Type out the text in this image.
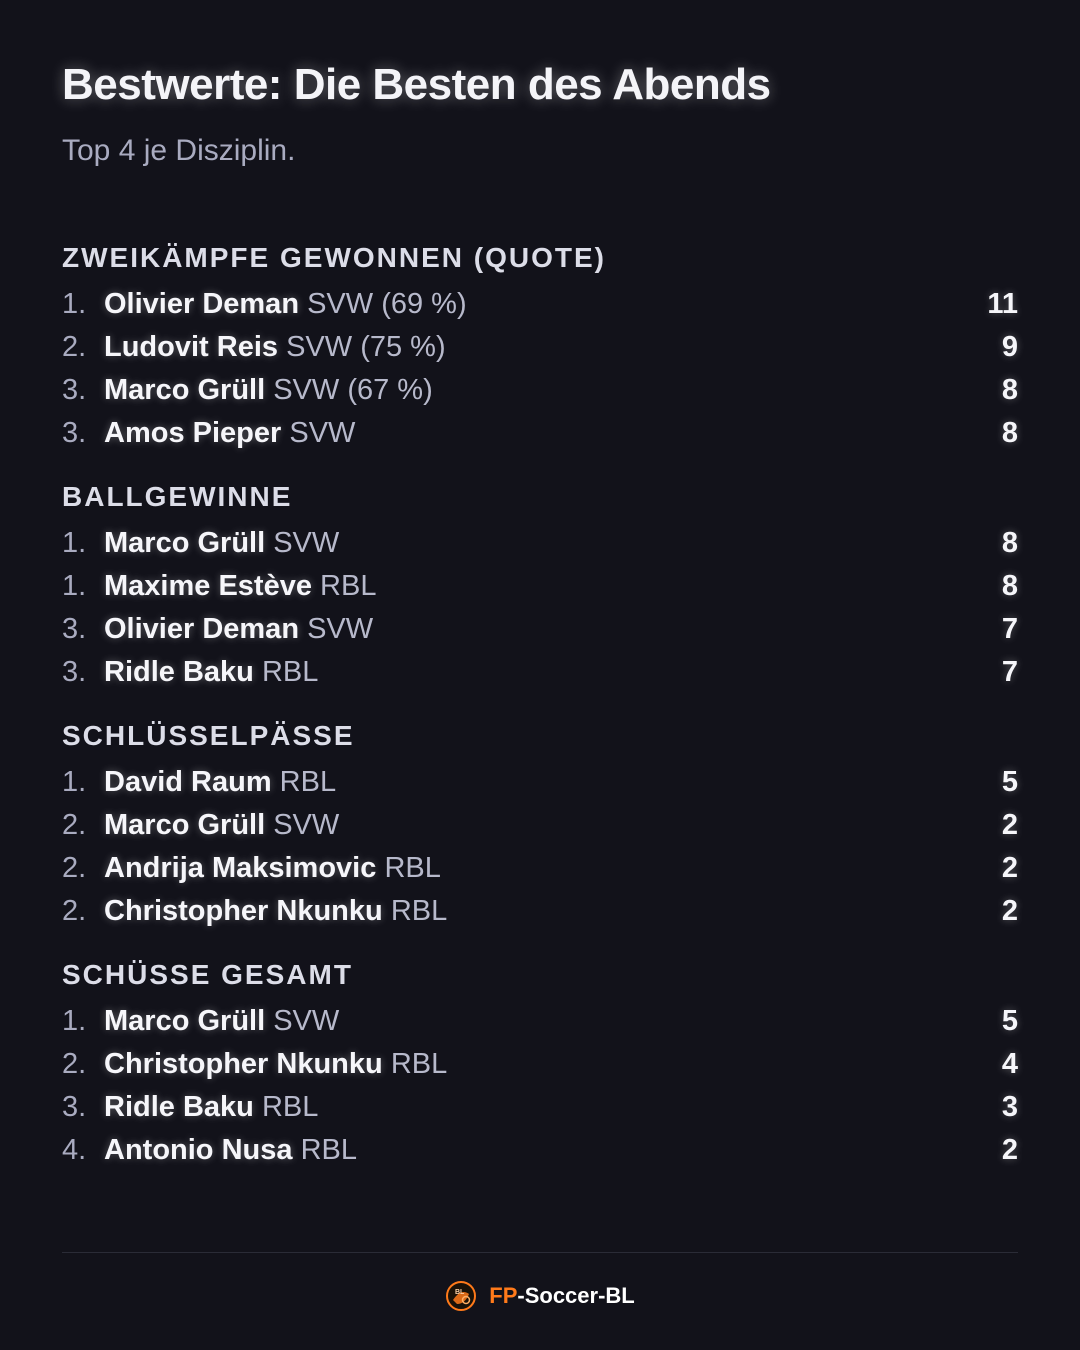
Bestwerte: Die Besten des Abends
Top 4 je Disziplin.
ZWEIKÄMPFE GEWONNEN (QUOTE)
1. Olivier Deman SVW (69 %)	11
2. Ludovit Reis SVW (75 %)	9
3. Marco Grüll SVW (67 %)	8
3. Amos Pieper SVW	8
BALLGEWINNE
1. Marco Grüll SVW	8
1. Maxime Estève RBL	8
3. Olivier Deman SVW	7
3. Ridle Baku RBL	7
SCHLÜSSELPÄSSE
1. David Raum RBL	5
2. Marco Grüll SVW	2
2. Andrija Maksimovic RBL	2
2. Christopher Nkunku RBL	2
SCHÜSSE GESAMT
1. Marco Grüll SVW	5
2. Christopher Nkunku RBL	4
3. Ridle Baku RBL	3
4. Antonio Nusa RBL	2
BL FP-Soccer-BL
